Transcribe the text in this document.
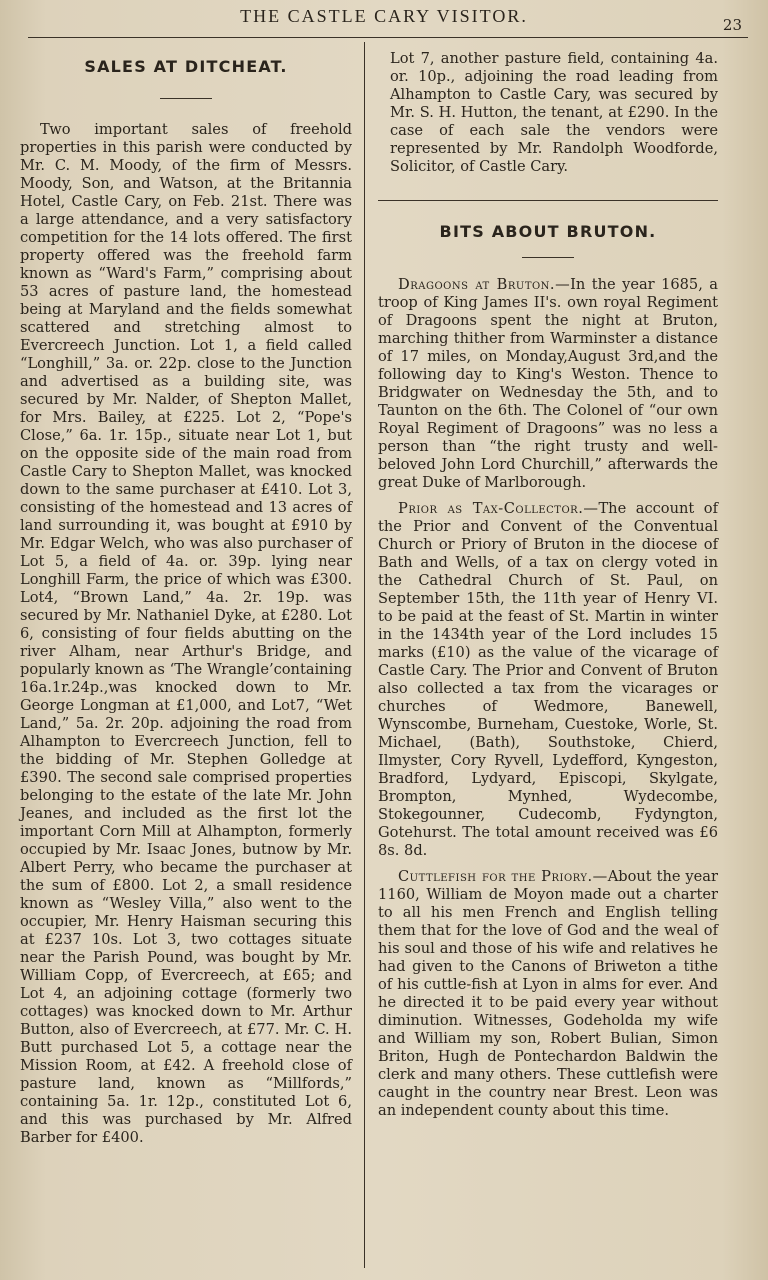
THE CASTLE CARY VISITOR.	23
SALES AT DITCHEAT.

Two important sales of freehold properties in this parish were conducted by Mr. C. M. Moody, of the firm of Messrs. Moody, Son, and Watson, at the Britannia Hotel, Castle Cary, on Feb. 21st. There was a large attendance, and a very satisfactory competition for the 14 lots offered. The first property offered was the freehold farm known as “Ward's Farm,” comprising about 53 acres of pasture land, the homestead being at Maryland and the fields somewhat scattered and stretching almost to Evercreech Junction. Lot 1, a field called “Longhill,” 3a. or. 22p. close to the Junction and advertised as a building site, was secured by Mr. Nalder, of Shepton Mallet, for Mrs. Bailey, at £225. Lot 2, “Pope's Close,” 6a. 1r. 15p., situate near Lot 1, but on the opposite side of the main road from Castle Cary to Shepton Mallet, was knocked down to the same purchaser at £410. Lot 3, consisting of the homestead and 13 acres of land surrounding it, was bought at £910 by Mr. Edgar Welch, who was also purchaser of Lot 5, a field of 4a. or. 39p. lying near Longhill Farm, the price of which was £300. Lot4, “Brown Land,” 4a. 2r. 19p. was secured by Mr. Nathaniel Dyke, at £280. Lot 6, consisting of four fields abutting on the river Alham, near Arthur's Bridge, and popularly known as ‘The Wrangle’containing 16a.1r.24p.,was knocked down to Mr. George Longman at £1,000, and Lot7, “Wet Land,” 5a. 2r. 20p. adjoining the road from Alhampton to Evercreech Junction, fell to the bidding of Mr. Stephen Golledge at £390. The second sale comprised properties belonging to the estate of the late Mr. John Jeanes, and included as the first lot the important Corn Mill at Alhampton, formerly occupied by Mr. Isaac Jones, butnow by Mr. Albert Perry, who became the purchaser at the sum of £800. Lot 2, a small residence known as “Wesley Villa,” also went to the occupier, Mr. Henry Haisman securing this at £237 10s. Lot 3, two cottages situate near the Parish Pound, was bought by Mr. William Copp, of Evercreech, at £65; and Lot 4, an adjoining cottage (formerly two cottages) was knocked down to Mr. Arthur Button, also of Evercreech, at £77. Mr. C. H. Butt purchased Lot 5, a cottage near the Mission Room, at £42. A freehold close of pasture land, known as “Millfords,” containing 5a. 1r. 12p., constituted Lot 6, and this was purchased by Mr. Alfred Barber for £400.

Lot 7, another pasture field, containing 4a. or. 10p., adjoining the road leading from Alhampton to Castle Cary, was secured by Mr. S. H. Hutton, the tenant, at £290. In the case of each sale the vendors were represented by Mr. Randolph Woodforde, Solicitor, of Castle Cary.

BITS ABOUT BRUTON.

Dragoons at Bruton.—In the year 1685, a troop of King James II's. own royal Regiment of Dragoons spent the night at Bruton, marching thither from Warminster a distance of 17 miles, on Monday,August 3rd,and the following day to King's Weston. Thence to Bridgwater on Wednesday the 5th, and to Taunton on the 6th. The Colonel of “our own Royal Regiment of Dragoons” was no less a person than “the right trusty and well-beloved John Lord Churchill,” afterwards the great Duke of Marlborough.

Prior as Tax-Collector.—The account of the Prior and Convent of the Conventual Church or Priory of Bruton in the diocese of Bath and Wells, of a tax on clergy voted in the Cathedral Church of St. Paul, on September 15th, the 11th year of Henry VI. to be paid at the feast of St. Martin in winter in the 1434th year of the Lord includes 15 marks (£10) as the value of the vicarage of Castle Cary. The Prior and Convent of Bruton also collected a tax from the vicarages or churches of Wedmore, Banewell, Wynscombe, Burneham, Cuestoke, Worle, St. Michael, (Bath), Southstoke, Chierd, Ilmyster, Cory Ryvell, Lydefford, Kyngeston, Bradford, Lydyard, Episcopi, Skylgate, Brompton, Mynhed, Wydecombe, Stokegounner, Cudecomb, Fydyngton, Gotehurst. The total amount received was £6 8s. 8d.

Cuttlefish for the Priory.—About the year 1160, William de Moyon made out a charter to all his men French and English telling them that for the love of God and the weal of his soul and those of his wife and relatives he had given to the Canons of Briweton a tithe of his cuttle-fish at Lyon in alms for ever. And he directed it to be paid every year without diminution. Witnesses, Godeholda my wife and William my son, Robert Bulian, Simon Briton, Hugh de Pontechardon Baldwin the clerk and many others. These cuttlefish were caught in the country near Brest. Leon was an independent county about this time.
